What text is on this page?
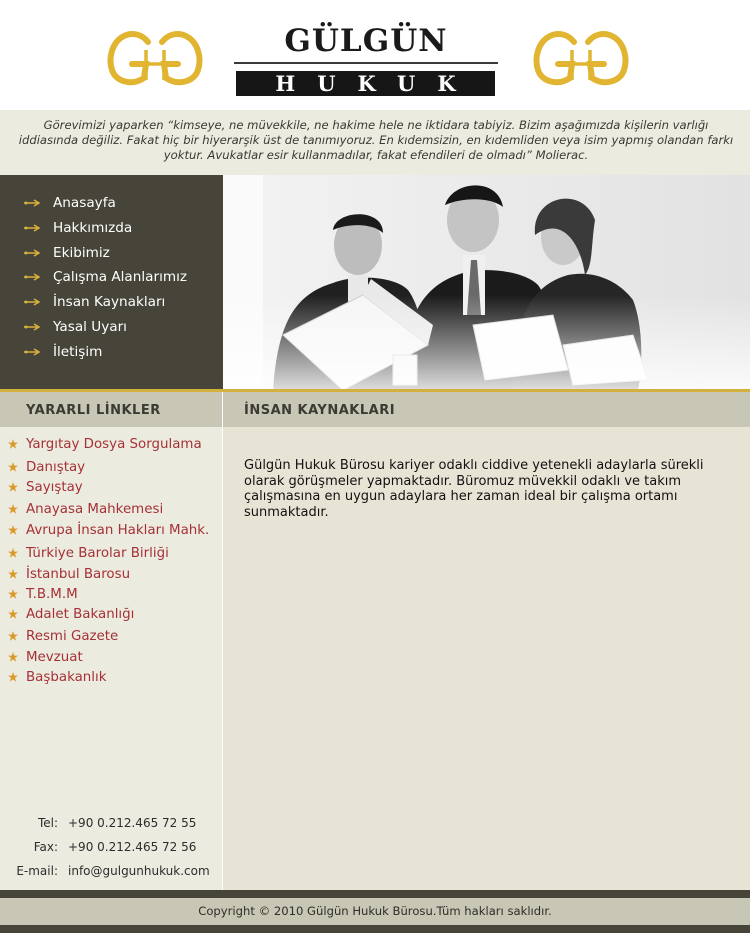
GÜLGÜN
HUKUK

Görevimizi yaparken “kimseye, ne müvekkile, ne hakime hele ne iktidara tabiyiz. Bizim aşağımızda kişilerin varlığı iddiasında değiliz. Fakat hiç bir hiyerarşik üst de tanımıyoruz. En kıdemsizin, en kıdemliden veya isim yapmış olandan farkı yoktur. Avukatlar esir kullanmadılar, fakat efendileri de olmadı” Molierac.

Anasayfa
Hakkımızda
Ekibimiz
Çalışma Alanlarımız
İnsan Kaynakları
Yasal Uyarı
İletişim
YARARLI LİNKLER
Yargıtay Dosya Sorgulama
Danıştay
Sayıştay
Anayasa Mahkemesi
Avrupa İnsan Hakları Mahk.
Türkiye Barolar Birliği
İstanbul Barosu
T.B.M.M
Adalet Bakanlığı
Resmi Gazete
Mevzuat
Başbakanlık
Tel: +90 0.212.465 72 55
Fax: +90 0.212.465 72 56
E-mail: info@gulgunhukuk.com
İNSAN KAYNAKLARI

Gülgün Hukuk Bürosu kariyer odaklı ciddive yetenekli adaylarla sürekli olarak görüşmeler yapmaktadır. Büromuz müvekkil odaklı ve takım çalışmasına en uygun adaylara her zaman ideal bir çalışma ortamı sunmaktadır.

Copyright © 2010 Gülgün Hukuk Bürosu.Tüm hakları saklıdır.
